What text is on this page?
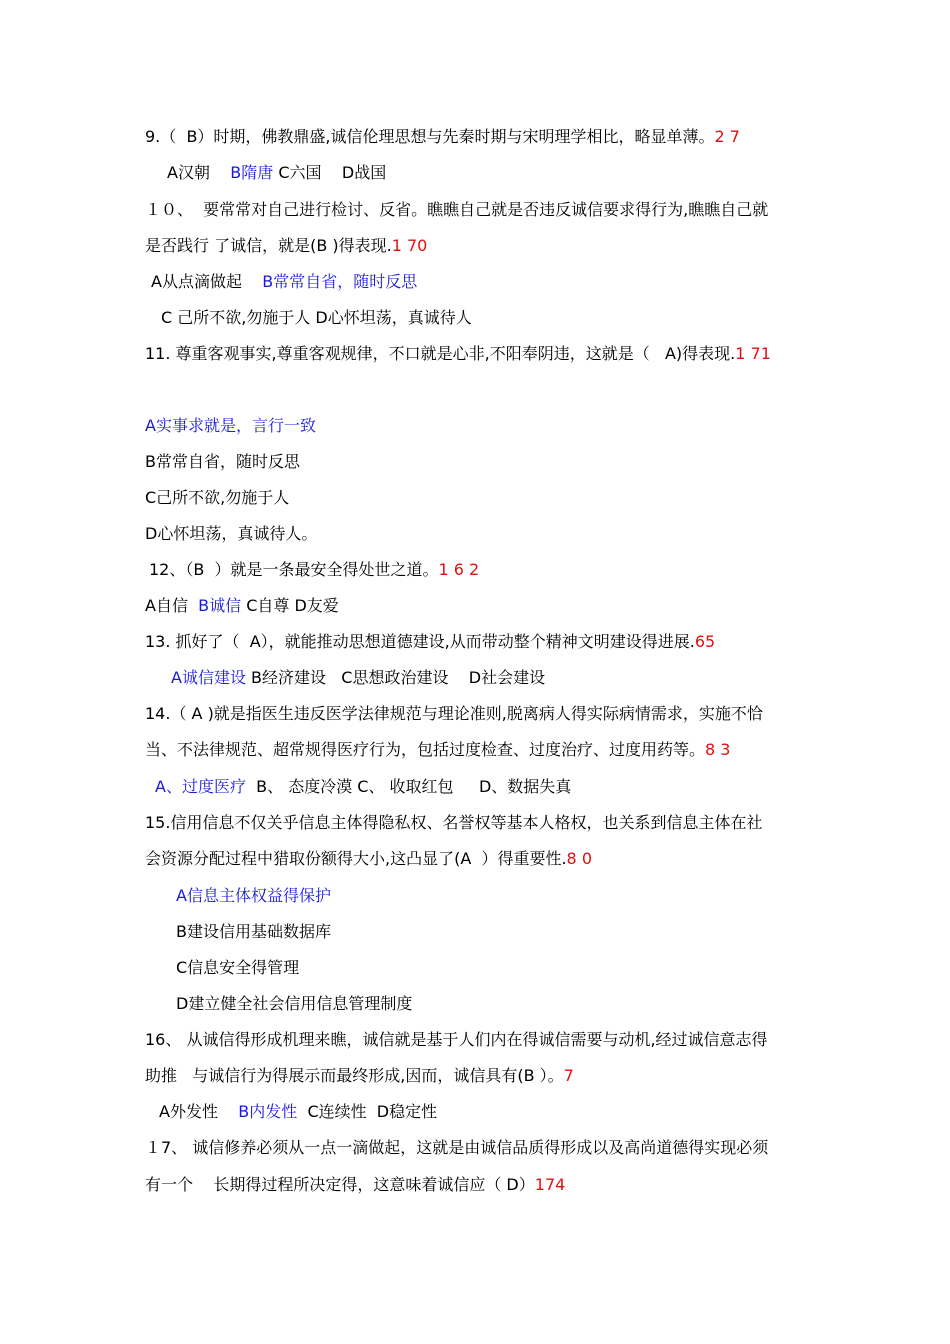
9.（  B）时期，佛教鼎盛,诚信伦理思想与先秦时期与宋明理学相比，略显单薄。2 7
A汉朝    B隋唐 C六国    D战国
１０、  要常常对自己进行检讨、反省。瞧瞧自己就是否违反诚信要求得行为,瞧瞧自己就
是否践行 了诚信，就是(B )得表现.1 70
A从点滴做起    B常常自省，随时反思
C 己所不欲,勿施于人 D心怀坦荡，真诚待人
11. 尊重客观事实,尊重客观规律，不口就是心非,不阳奉阴违，这就是（   A)得表现.1 71
A实事求就是，言行一致
B常常自省，随时反思
C己所不欲,勿施于人
D心怀坦荡，真诚待人。
12、（B  ）就是一条最安全得处世之道。1 6 2
A自信  B诚信 C自尊 D友爱
13. 抓好了（  A），就能推动思想道德建设,从而带动整个精神文明建设得进展.65
A诚信建设 B经济建设   C思想政治建设    D社会建设
14.（ A )就是指医生违反医学法律规范与理论准则,脱离病人得实际病情需求，实施不恰
当、不法律规范、超常规得医疗行为，包括过度检查、过度治疗、过度用药等。8 3
A、过度医疗  B、 态度冷漠 C、 收取红包     D、数据失真
15.信用信息不仅关乎信息主体得隐私权、名誉权等基本人格权，也关系到信息主体在社
会资源分配过程中猎取份额得大小,这凸显了(A  ）得重要性.8 0
A信息主体权益得保护
B建设信用基础数据库
C信息安全得管理
D建立健全社会信用信息管理制度
16、 从诚信得形成机理来瞧，诚信就是基于人们内在得诚信需要与动机,经过诚信意志得
助推   与诚信行为得展示而最终形成,因而，诚信具有(B ）。7
A外发性    B内发性  C连续性  D稳定性
１7、 诚信修养必须从一点一滴做起，这就是由诚信品质得形成以及高尚道德得实现必须
有一个    长期得过程所决定得，这意味着诚信应（ D）174
